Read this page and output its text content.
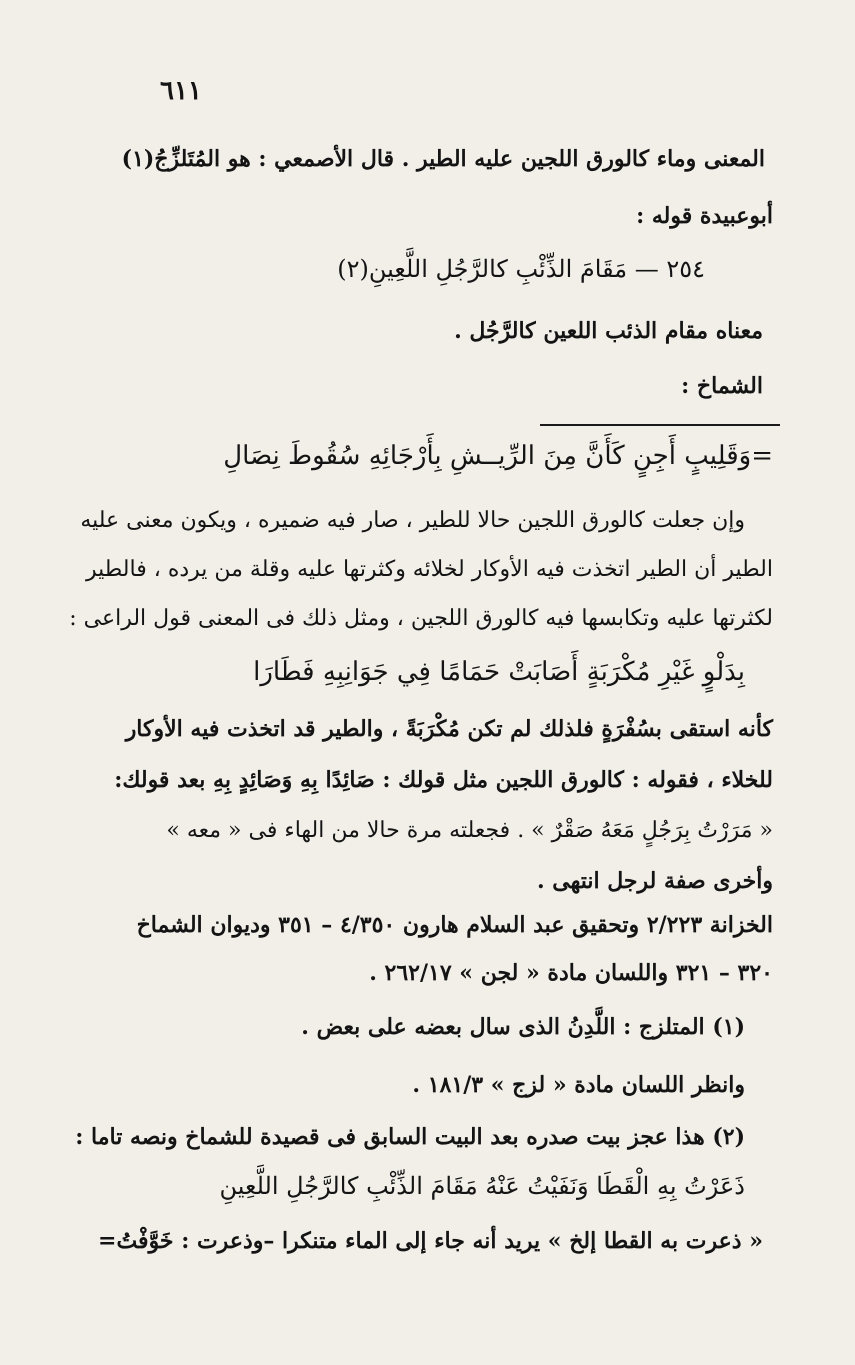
٦١١
المعنى وماء كالورق اللجين عليه الطير . قال الأصمعي : هو المُتَلزِّجُ(١)
أبوعبيدة قوله :
٢٥٤ — مَقَامَ الذِّئْبِ كالرَّجُلِ اللَّعِينِ(٢)
معناه مقام الذئب اللعين كالرَّجُل .
الشماخ :
=وَقَلِيبٍ أَجِنٍ كَأَنَّ مِنَ الرِّيــشِ بِأَرْجَائِهِ سُقُوطَ نِصَالِ
وإن جعلت كالورق اللجين حالا للطير ، صار فيه ضميره ، ويكون معنى عليه
الطير أن الطير اتخذت فيه الأوكار لخلائه وكثرتها عليه وقلة من يرده ، فالطير
لكثرتها عليه وتكابسها فيه كالورق اللجين ، ومثل ذلك فى المعنى قول الراعى :
بِدَلْوٍ غَيْرِ مُكْرَبَةٍ أَصَابَتْ حَمَامًا فِي جَوَانِبِهِ فَطَارَا
كأنه استقى بسُفْرَةٍ فلذلك لم تكن مُكْرَبَةً ، والطير قد اتخذت فيه الأوكار
للخلاء ، فقوله : كالورق اللجين مثل قولك : صَائِدًا بِهِ وَصَائِدٍ بِهِ بعد قولك:
« مَرَرْتُ بِرَجُلٍ مَعَهُ صَقْرٌ » . فجعلته مرة حالا من الهاء فى « معه »
وأخرى صفة لرجل انتهى .
الخزانة ٢/٢٢٣ وتحقيق عبد السلام هارون ٤/٣٥٠ – ٣٥١ وديوان الشماخ
٣٢٠ – ٣٢١ واللسان مادة « لجن » ٢٦٢/١٧ .
(١) المتلزج : اللَّدِنُ الذى سال بعضه على بعض .
وانظر اللسان مادة « لزج » ١٨١/٣ .
(٢) هذا عجز بيت صدره بعد البيت السابق فى قصيدة للشماخ ونصه تاما :
ذَعَرْتُ بِهِ الْقَطَا وَنَفَيْتُ عَنْهُ مَقَامَ الذِّئْبِ كالرَّجُلِ اللَّعِينِ
« ذعرت به القطا إلخ » يريد أنه جاء إلى الماء متنكرا –وذعرت : خَوَّفْتُ=
